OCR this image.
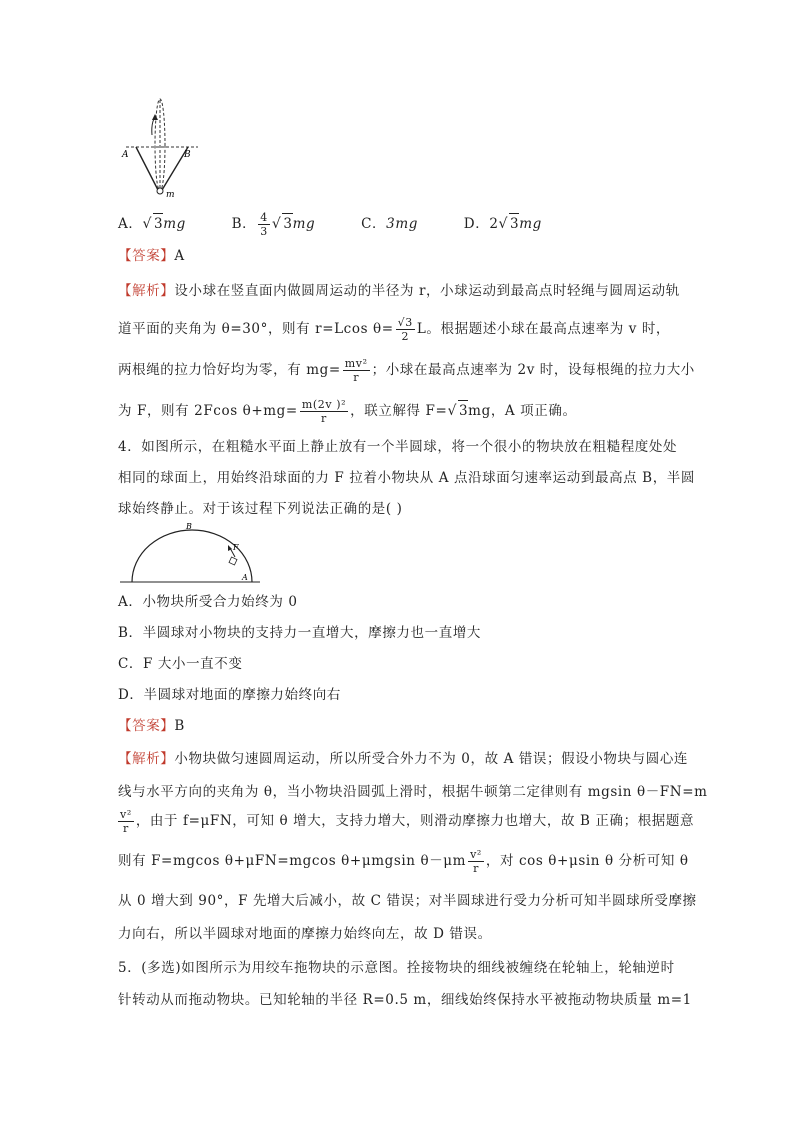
A	B
m
A．√ 3mg	B． $\frac{4}{3}$ √ 3mg	C．3mg	D．2√ 3mg
【答案】A
【解析】设小球在竖直面内做圆周运动的半径为 r，小球运动到最高点时轻绳与圆周运动轨
道平面的夹角为 θ=30°，则有 r=Lcos $\theta= \frac{√3}{2}$ L。根据题述小球在最高点速率为 v 时，
两根绳的拉力恰好均为零，有 $mg= \frac{\text{mv²}}{r}$ ；小球在最高点速率为 2v 时，设每根绳的拉力大小
为 F，则有 2Fcos $\theta+mg= \frac{\text{m(2v )²}}{r}$ ，联立解得 F=√ 3mg，A 项正确。
4．如图所示，在粗糙水平面上静止放有一个半圆球，将一个很小的物块放在粗糙程度处处
相同的球面上，用始终沿球面的力 F 拉着小物块从 A 点沿球面匀速率运动到最高点 B，半圆
球始终静止。对于该过程下列说法正确的是( )
B
F
A
A．小物块所受合力始终为 0
B．半圆球对小物块的支持力一直增大，摩擦力也一直增大
C．F 大小一直不变
D．半圆球对地面的摩擦力始终向右
【答案】B
【解析】小物块做匀速圆周运动，所以所受合外力不为 0，故 A 错误；假设小物块与圆心连
线与水平方向的夹角为 θ，当小物块沿圆弧上滑时，根据牛顿第二定律则有 mgsin θ－FN=m
$\frac{\text{v²}}{r}$ ，由于 f=μFN，可知 θ 增大，支持力增大，则滑动摩擦力也增大，故 B 正确；根据题意
则有 F=mgcos θ+μFN=mgcos θ+μmgsin $\theta-\mu m \frac{\text{v²}}{r}$ ，对 cos θ+μsin θ 分析可知 θ
从 0 增大到 90°，F 先增大后减小，故 C 错误；对半圆球进行受力分析可知半圆球所受摩擦
力向右，所以半圆球对地面的摩擦力始终向左，故 D 错误。
5．(多选)如图所示为用绞车拖物块的示意图。拴接物块的细线被缠绕在轮轴上，轮轴逆时
针转动从而拖动物块。已知轮轴的半径 R=0.5 m，细线始终保持水平被拖动物块质量 m=1
